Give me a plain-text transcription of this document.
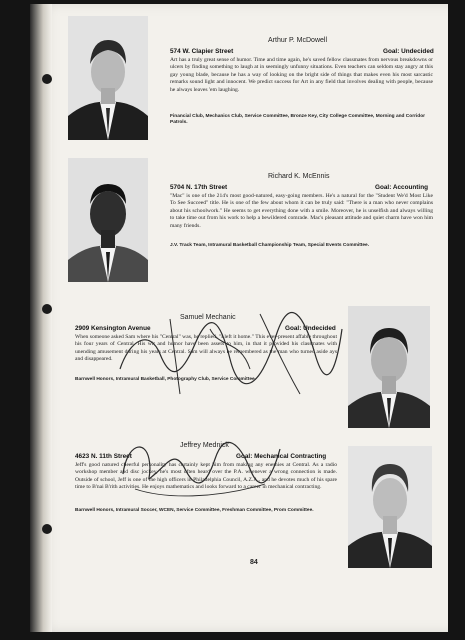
Arthur P. McDowell
574 W. Clapier Street	Goal: Undecided

Art has a truly great sense of humor. Time and time again, he's saved fellow classmates from nervous breakdowns or ulcers by finding something to laugh at in seemingly unfunny situations. Even teachers can seldom stay angry at this gay young blade, because he has a way of looking on the bright side of things that makes even his most sarcastic remarks sound light and innocent. We predict success for Art in any field that involves dealing with people, because he always leaves 'em laughing.

Financial Club, Mechanics Club, Service Committee, Bronze Key, City College Committee, Morning and Corridor Patrols.

Richard K. McEnnis
5704 N. 17th Street	Goal: Accounting

"Mac" is one of the 214's most good-natured, easy-going members. He's a natural for the "Student We'd Most Like To See Succeed" title. He is one of the few about whom it can be truly said: "There is a man who never complains about his schoolwork." He seems to get everything done with a smile. Moreover, he is unselfish and always willing to take time out from his work to help a bewildered comrade. Mac's pleasant attitude and quiet charm have won him many friends.

J.V. Track Team, Intramural Basketball Championship Team, Special Events Committee.

Samuel Mechanic
2909 Kensington Avenue	Goal: Undecided

When someone asked Sam where his "Central" was, he replied, "I left it home." This ever-present affable throughout his four years of Central. His wit and humor have been assets to him, in that it provided his classmates with unending amusement during his years at Central. Sam will always be remembered as the man who turned aside ays and disappeared.

Barnwell Honors, Intramural Basketball, Photography Club, Service Committee.

Jeffrey Mednick
4623 N. 11th Street	Goal: Mechanical Contracting

Jeff's good natured cheerful personality has certainly kept him from making any enemies at Central. As a radio workshop member and disc jockey, he's most often heard over the P.A. whenever a wrong connection is made. Outside of school, Jeff is one of the high officers in Philadelphia Council, A.Z.A., and he devotes much of his spare time to B'nai B'rith activities. He enjoys mathematics and looks forward to a career in mechanical contracting.

Barnwell Honors, Intramural Soccer, WCEN, Service Committee, Freshman Committee, Prom Committee.

84
